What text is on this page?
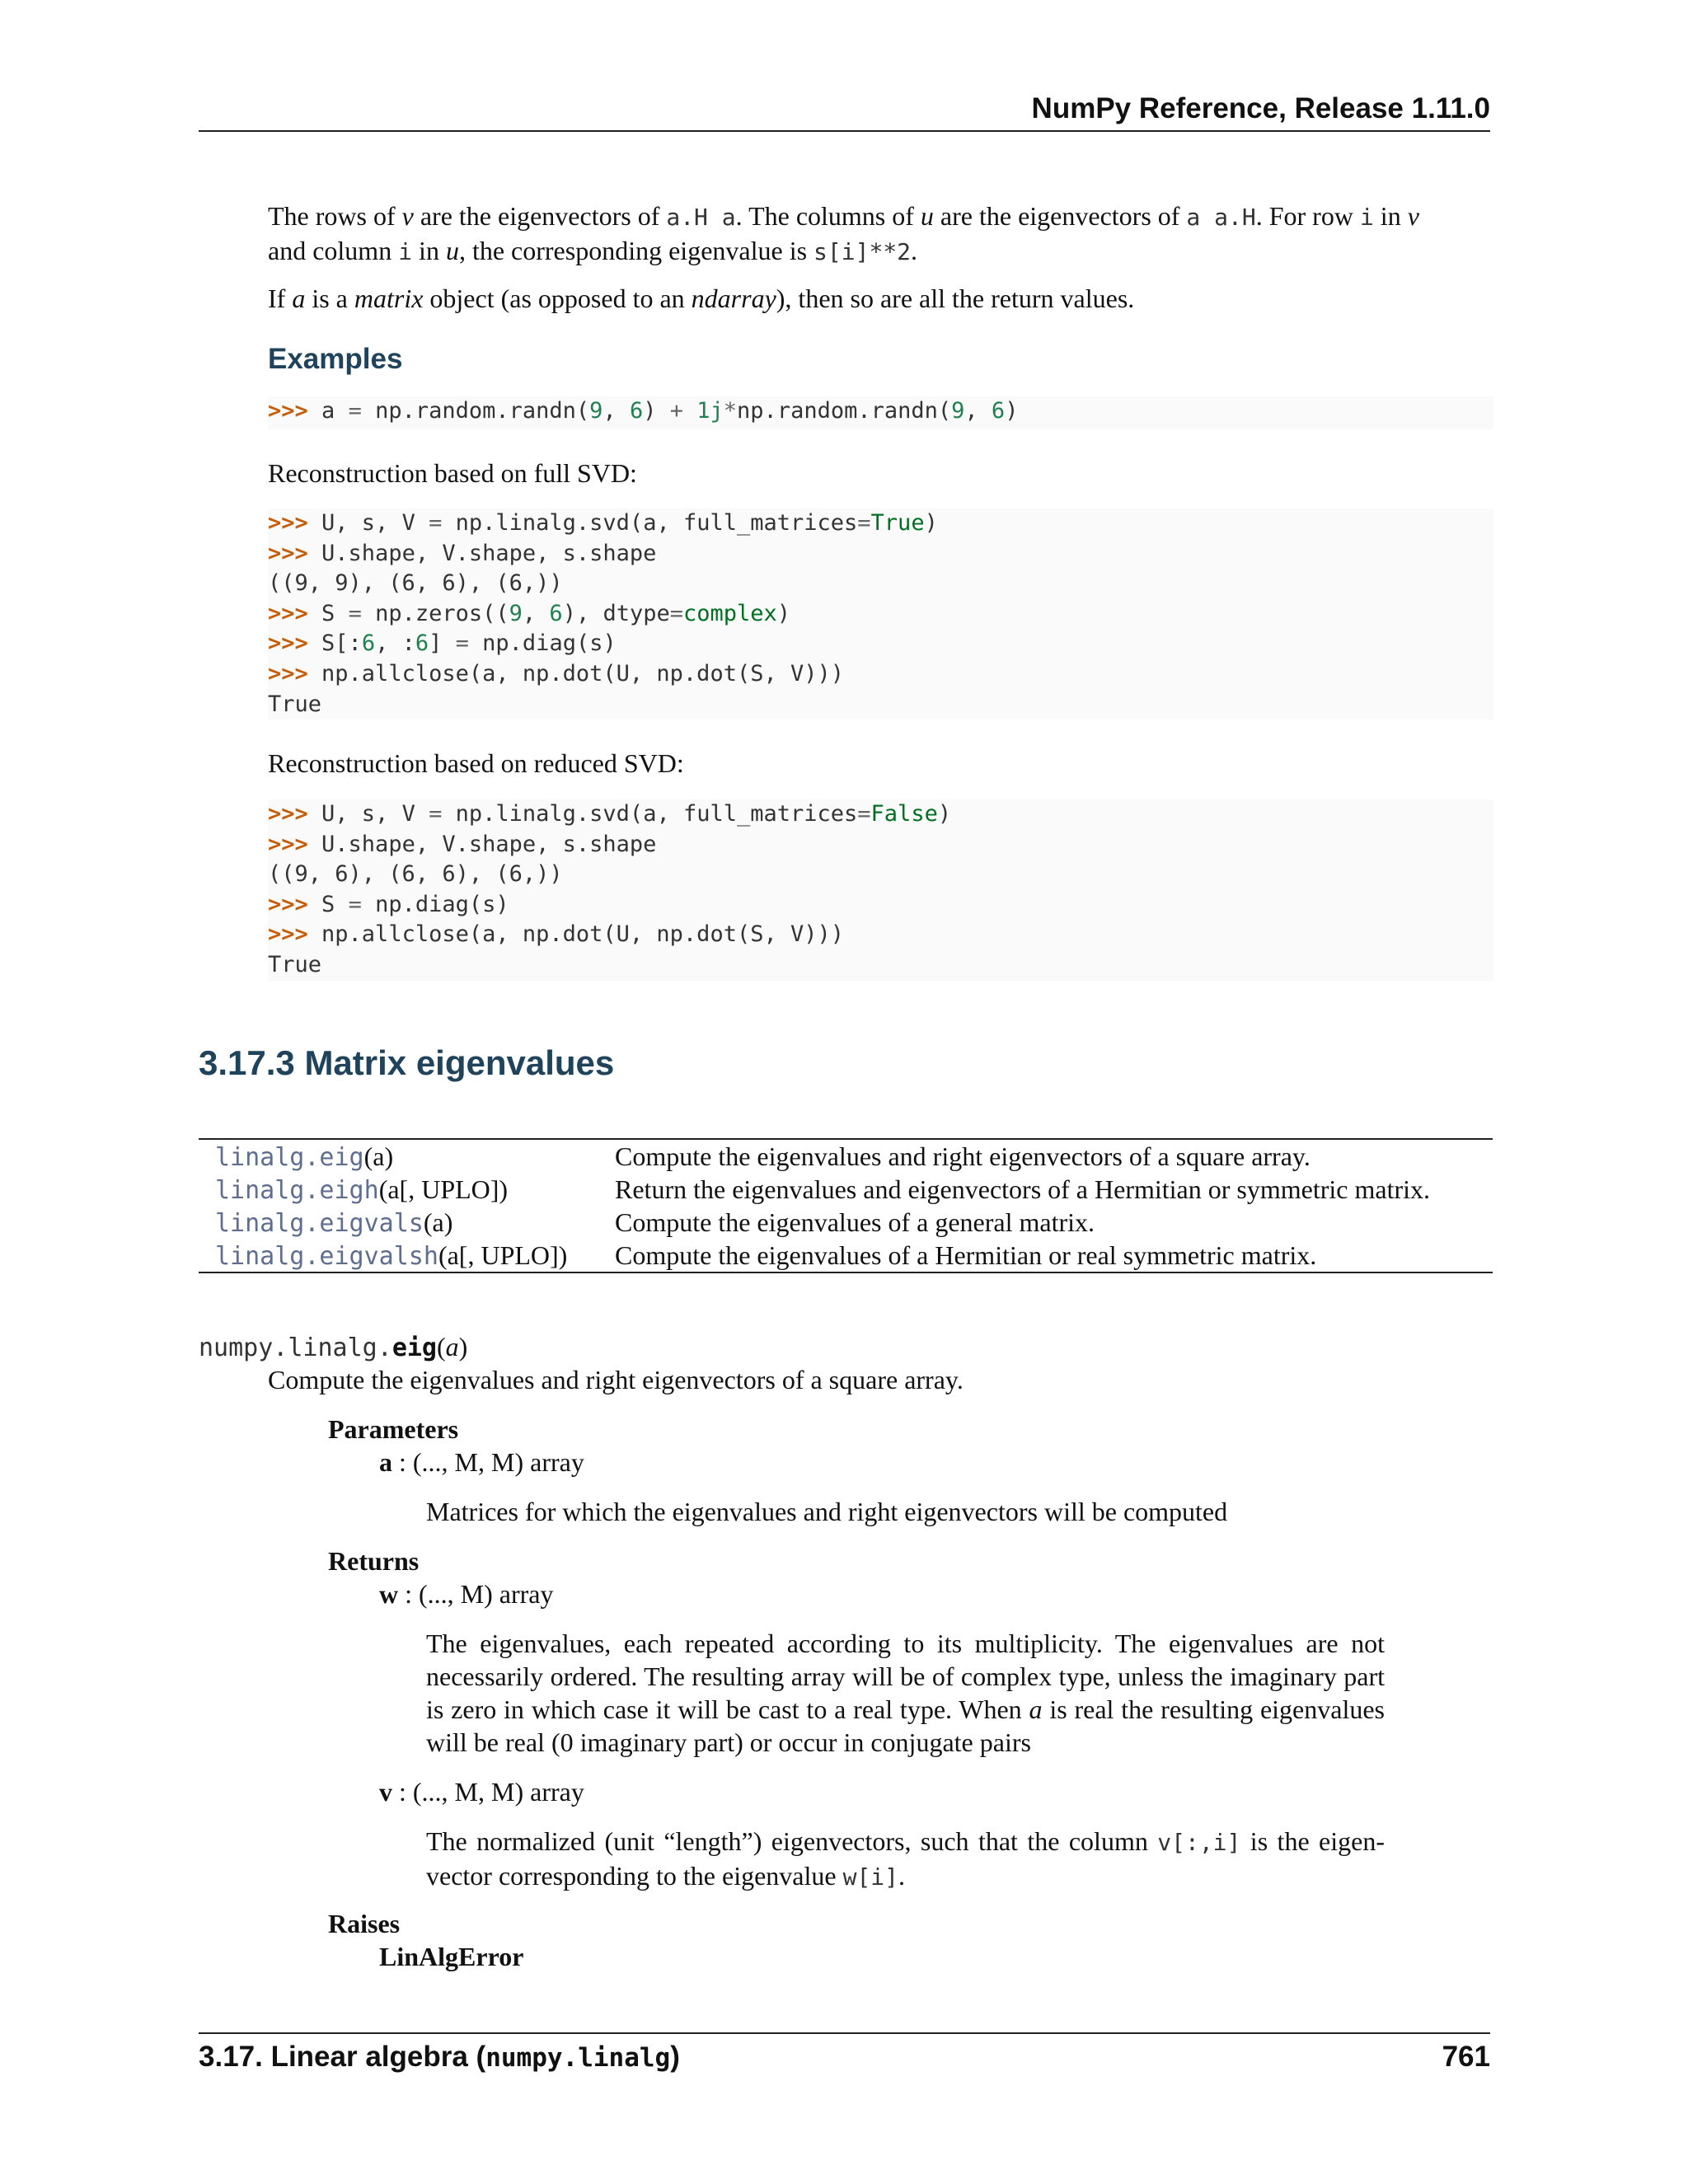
NumPy Reference, Release 1.11.0
The rows of v are the eigenvectors of a.H a. The columns of u are the eigenvectors of a a.H. For row i in v
and column i in u, the corresponding eigenvalue is s[i]**2.
If a is a matrix object (as opposed to an ndarray), then so are all the return values.
Examples
>>> a = np.random.randn(9, 6) + 1j*np.random.randn(9, 6)
Reconstruction based on full SVD:
>>> U, s, V = np.linalg.svd(a, full_matrices=True)
>>> U.shape, V.shape, s.shape
((9, 9), (6, 6), (6,))
>>> S = np.zeros((9, 6), dtype=complex)
>>> S[:6, :6] = np.diag(s)
>>> np.allclose(a, np.dot(U, np.dot(S, V)))
True
Reconstruction based on reduced SVD:
>>> U, s, V = np.linalg.svd(a, full_matrices=False)
>>> U.shape, V.shape, s.shape
((9, 6), (6, 6), (6,))
>>> S = np.diag(s)
>>> np.allclose(a, np.dot(U, np.dot(S, V)))
True
3.17.3 Matrix eigenvalues
linalg.eig(a)	Compute the eigenvalues and right eigenvectors of a square array.
linalg.eigh(a[, UPLO])	Return the eigenvalues and eigenvectors of a Hermitian or symmetric matrix.
linalg.eigvals(a)	Compute the eigenvalues of a general matrix.
linalg.eigvalsh(a[, UPLO])	Compute the eigenvalues of a Hermitian or real symmetric matrix.
numpy.linalg.eig(a)
Compute the eigenvalues and right eigenvectors of a square array.
Parameters
a : (..., M, M) array
Matrices for which the eigenvalues and right eigenvectors will be computed
Returns
w : (..., M) array
The eigenvalues, each repeated according to its multiplicity. The eigenvalues are not necessarily ordered. The resulting array will be of complex type, unless the imaginary part is zero in which case it will be cast to a real type. When a is real the resulting eigenvalues will be real (0 imaginary part) or occur in conjugate pairs
v : (..., M, M) array
The normalized (unit “length”) eigenvectors, such that the column v[:,i] is the eigen-vector corresponding to the eigenvalue w[i].
Raises
LinAlgError
3.17. Linear algebra (numpy.linalg)	761
